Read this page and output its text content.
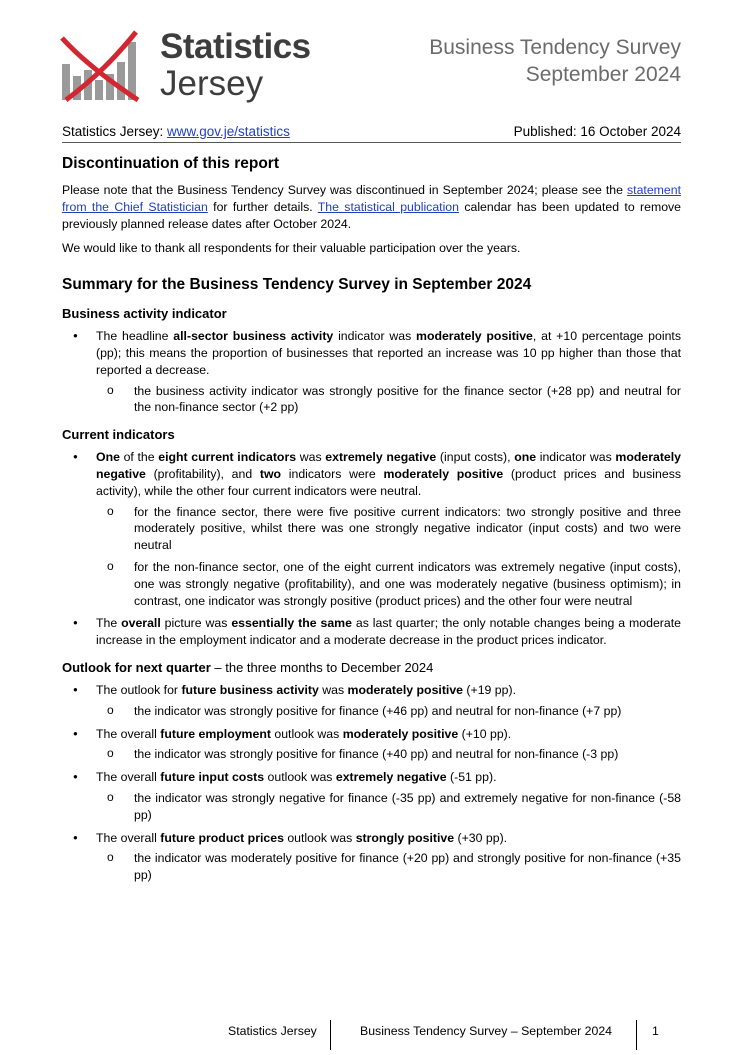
Statistics
Jersey
Business Tendency Survey
September 2024
Statistics Jersey: www.gov.je/statistics	Published: 16 October 2024
Discontinuation of this report

Please note that the Business Tendency Survey was discontinued in September 2024; please see the statement from the Chief Statistician for further details. The statistical publication calendar has been updated to remove previously planned release dates after October 2024.

We would like to thank all respondents for their valuable participation over the years.

Summary for the Business Tendency Survey in September 2024
Business activity indicator
● The headline all-sector business activity indicator was moderately positive, at +10 percentage points (pp); this means the proportion of businesses that reported an increase was 10 pp higher than those that reported a decrease.
o the business activity indicator was strongly positive for the finance sector (+28 pp) and neutral for the non-finance sector (+2 pp)
Current indicators
● One of the eight current indicators was extremely negative (input costs), one indicator was moderately negative (profitability), and two indicators were moderately positive (product prices and business activity), while the other four current indicators were neutral.
o for the finance sector, there were five positive current indicators: two strongly positive and three moderately positive, whilst there was one strongly negative indicator (input costs) and two were neutral
o for the non-finance sector, one of the eight current indicators was extremely negative (input costs), one was strongly negative (profitability), and one was moderately negative (business optimism); in contrast, one indicator was strongly positive (product prices) and the other four were neutral
● The overall picture was essentially the same as last quarter; the only notable changes being a moderate increase in the employment indicator and a moderate decrease in the product prices indicator.
Outlook for next quarter – the three months to December 2024
● The outlook for future business activity was moderately positive (+19 pp).
o the indicator was strongly positive for finance (+46 pp) and neutral for non-finance (+7 pp)
● The overall future employment outlook was moderately positive (+10 pp).
o the indicator was strongly positive for finance (+40 pp) and neutral for non-finance (-3 pp)
● The overall future input costs outlook was extremely negative (-51 pp).
o the indicator was strongly negative for finance (-35 pp) and extremely negative for non-finance (-58 pp)
● The overall future product prices outlook was strongly positive (+30 pp).
o the indicator was moderately positive for finance (+20 pp) and strongly positive for non-finance (+35 pp)
Statistics Jersey	Business Tendency Survey – September 2024	1
